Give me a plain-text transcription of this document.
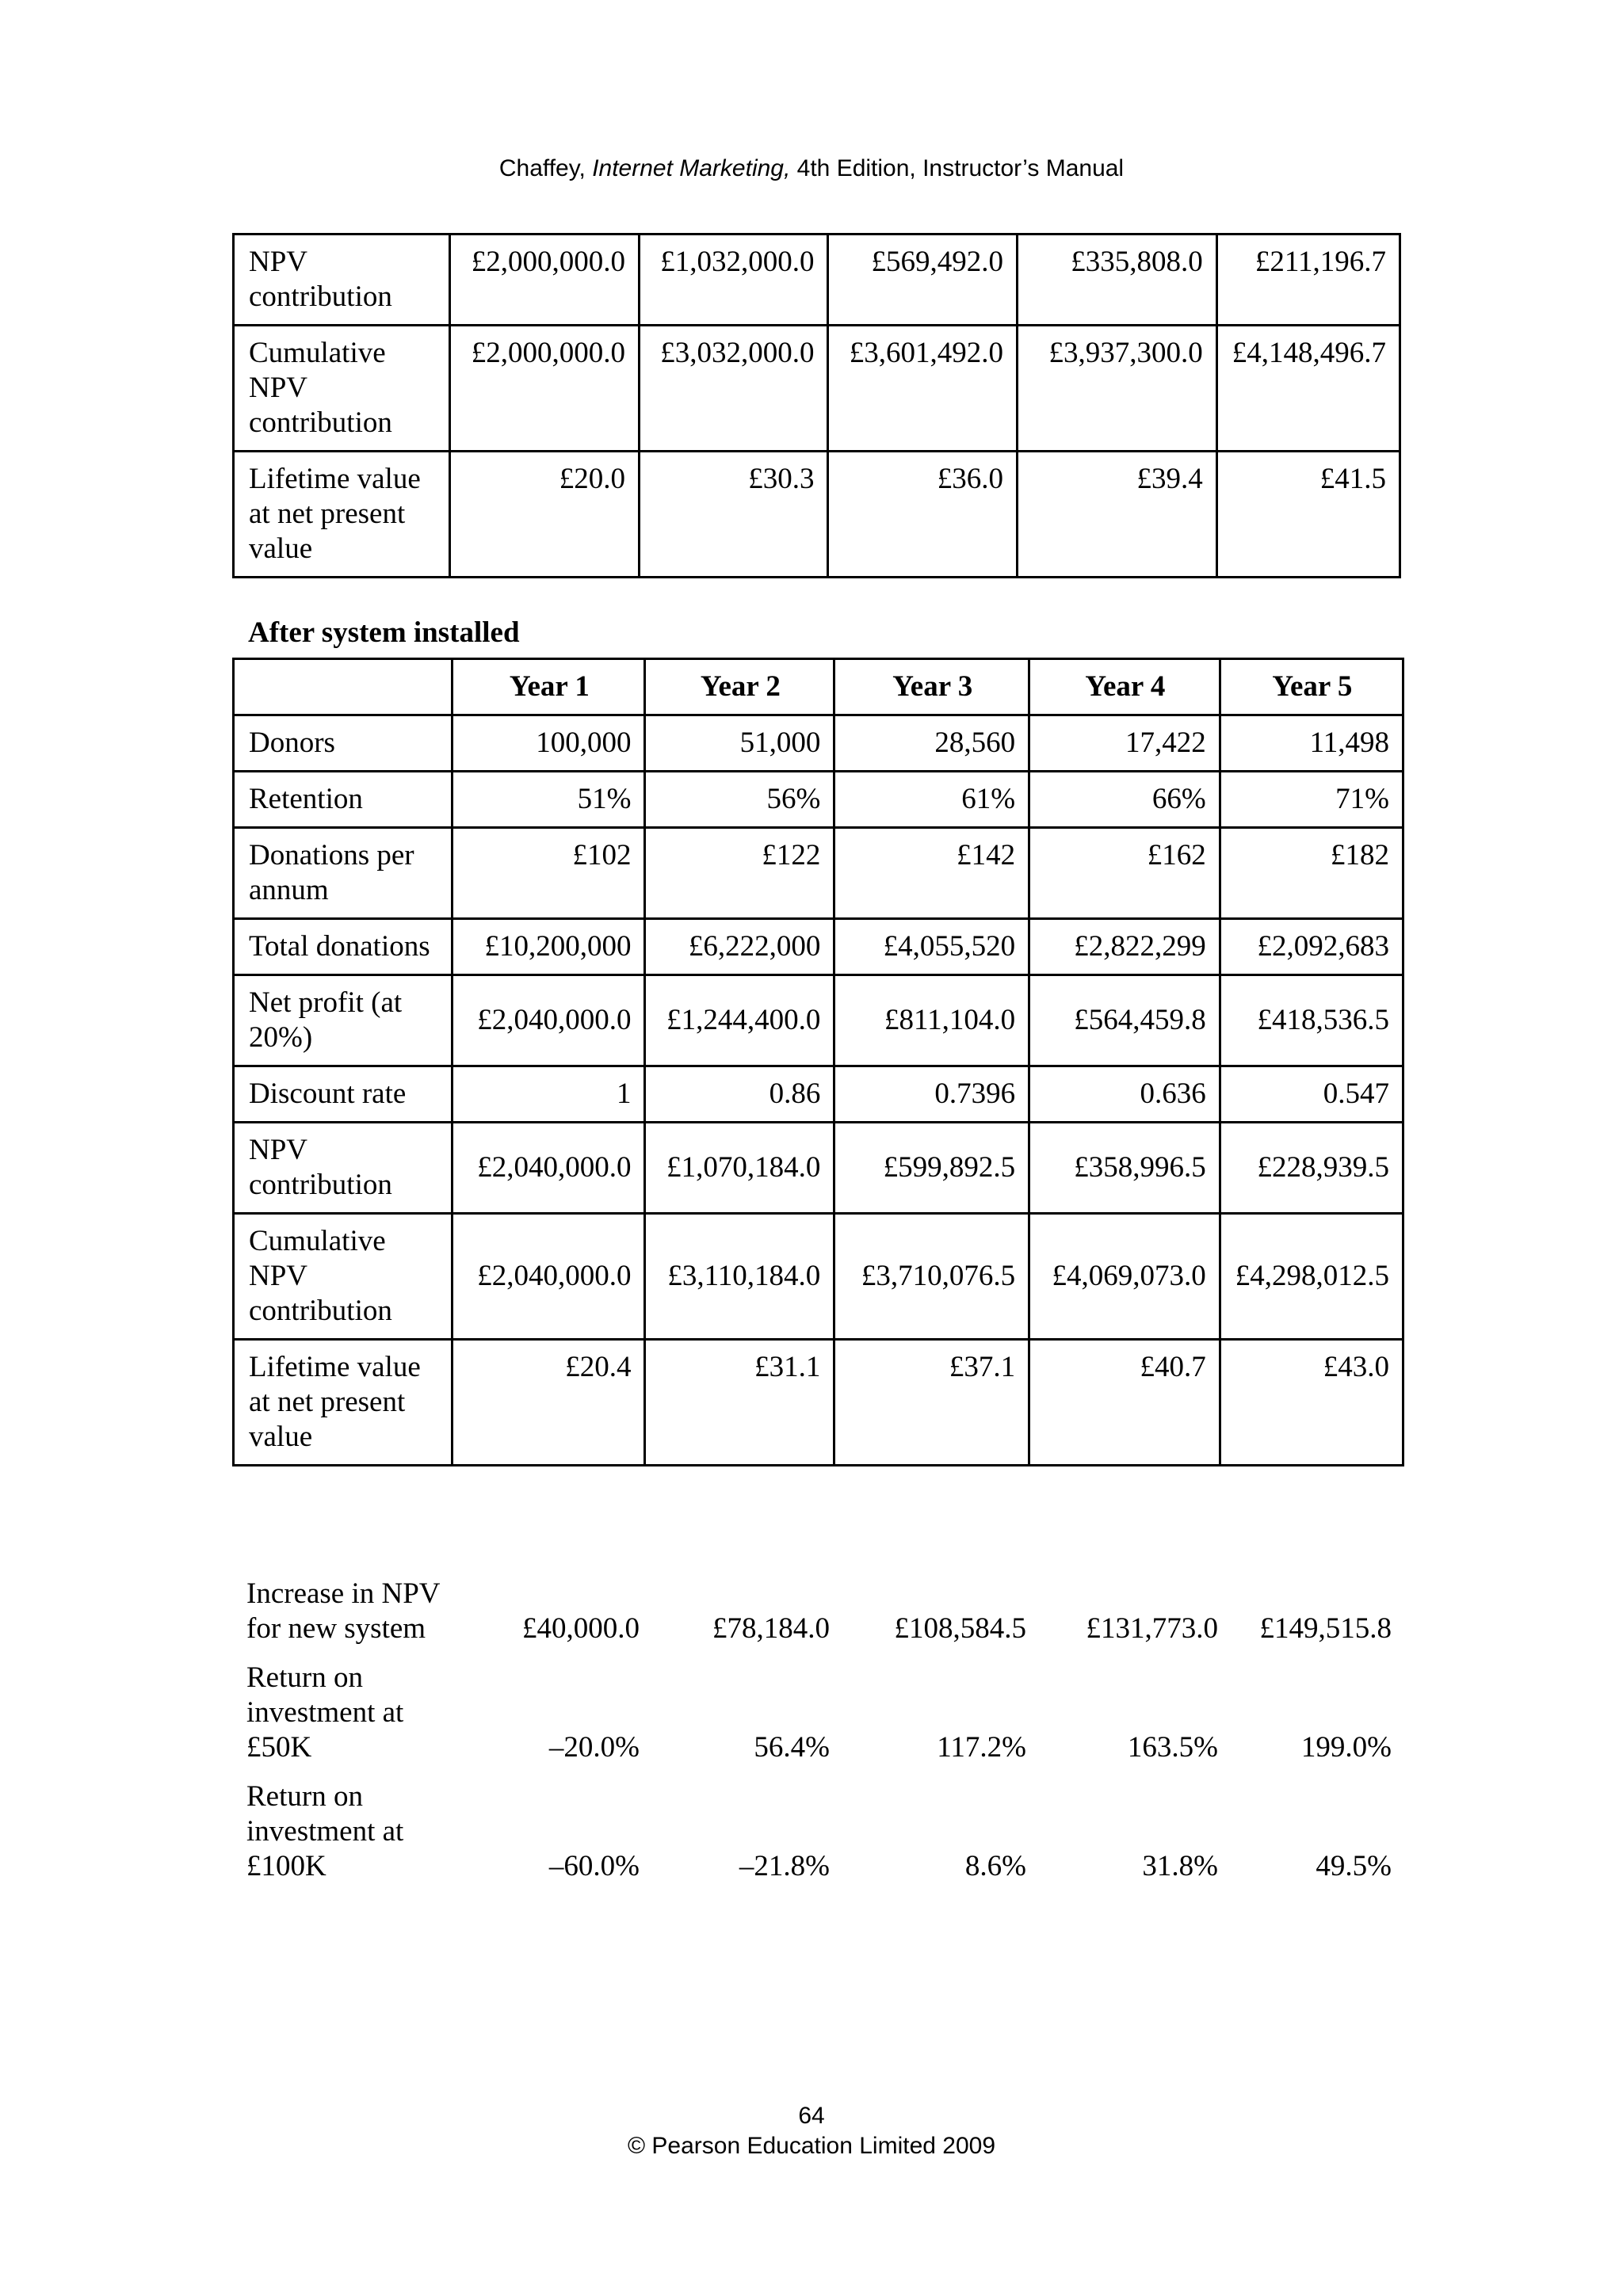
Chaffey, Internet Marketing, 4th Edition, Instructor’s Manual
NPV contribution	£2,000,000.0	£1,032,000.0	£569,492.0	£335,808.0	£211,196.7
Cumulative NPV contribution	£2,000,000.0	£3,032,000.0	£3,601,492.0	£3,937,300.0	£4,148,496.7
Lifetime value at net present value	£20.0	£30.3	£36.0	£39.4	£41.5
After system installed
	Year 1	Year 2	Year 3	Year 4	Year 5
Donors	100,000	51,000	28,560	17,422	11,498
Retention	51%	56%	61%	66%	71%
Donations per annum	£102	£122	£142	£162	£182
Total donations	£10,200,000	£6,222,000	£4,055,520	£2,822,299	£2,092,683
Net profit (at 20%)	£2,040,000.0	£1,244,400.0	£811,104.0	£564,459.8	£418,536.5
Discount rate	1	0.86	0.7396	0.636	0.547
NPV contribution	£2,040,000.0	£1,070,184.0	£599,892.5	£358,996.5	£228,939.5
Cumulative NPV contribution	£2,040,000.0	£3,110,184.0	£3,710,076.5	£4,069,073.0	£4,298,012.5
Lifetime value at net present value	£20.4	£31.1	£37.1	£40.7	£43.0
Increase in NPV for new system	£40,000.0	£78,184.0	£108,584.5	£131,773.0	£149,515.8
Return on investment at £50K	–20.0%	56.4%	117.2%	163.5%	199.0%
Return on investment at £100K	–60.0%	–21.8%	8.6%	31.8%	49.5%
64
© Pearson Education Limited 2009
